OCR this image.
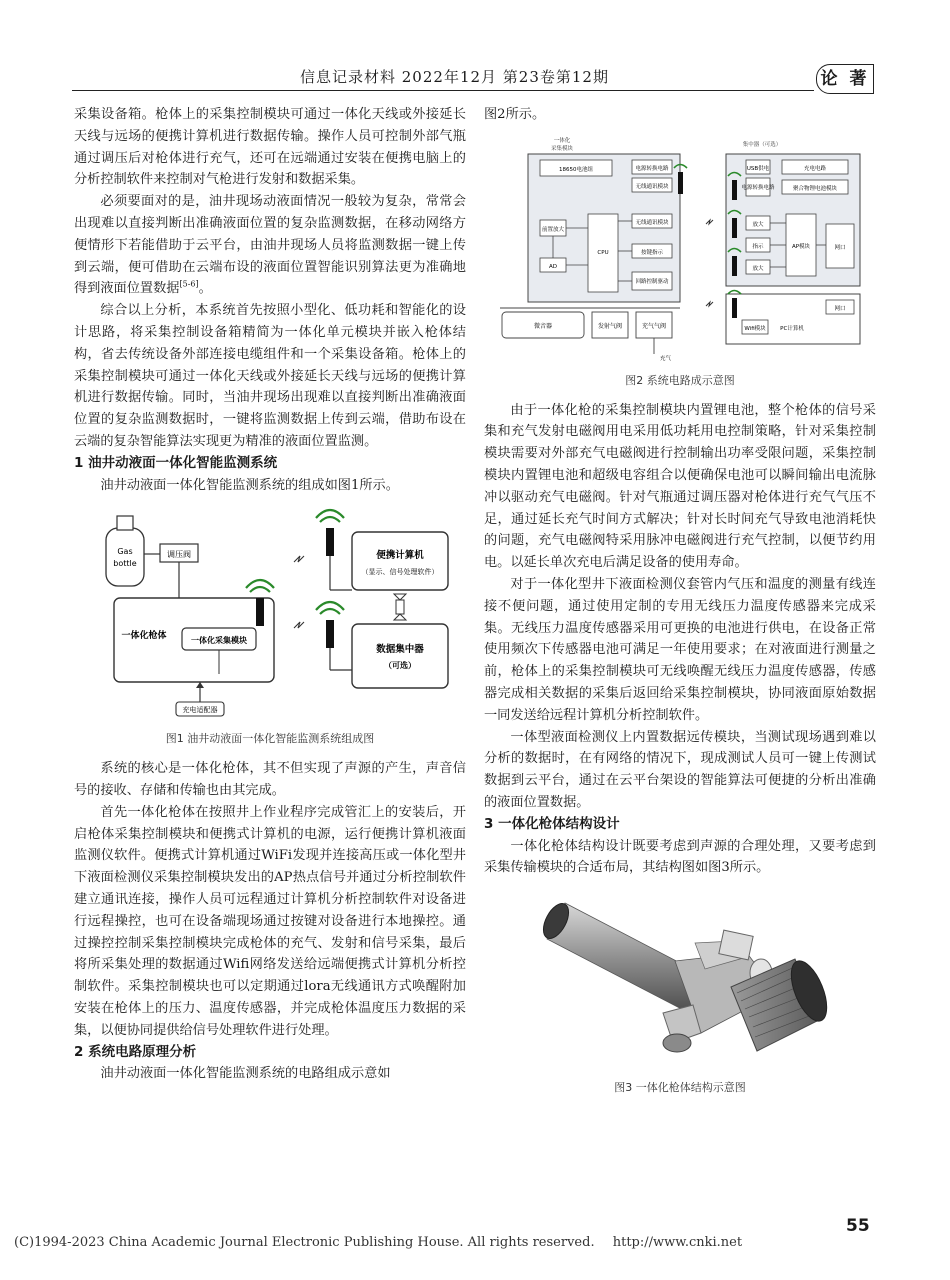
信息记录材料 2022年12月 第23卷第12期	论 著

采集设备箱。枪体上的采集控制模块可通过一体化天线或外接延长天线与远场的便携计算机进行数据传输。操作人员可控制外部气瓶通过调压后对枪体进行充气，还可在远端通过安装在便携电脑上的分析控制软件来控制对气枪进行发射和数据采集。

必须要面对的是，油井现场动液面情况一般较为复杂，常常会出现难以直接判断出准确液面位置的复杂监测数据，在移动网络方便情形下若能借助于云平台，由油井现场人员将监测数据一键上传到云端，便可借助在云端布设的液面位置智能识别算法更为准确地得到液面位置数据[5-6]。

综合以上分析，本系统首先按照小型化、低功耗和智能化的设计思路，将采集控制设备箱精简为一体化单元模块并嵌入枪体结构，省去传统设备外部连接电缆组件和一个采集设备箱。枪体上的采集控制模块可通过一体化天线或外接延长天线与远场的便携计算机进行数据传输。同时，当油井现场出现难以直接判断出准确液面位置的复杂监测数据时，一键将监测数据上传到云端，借助布设在云端的复杂智能算法实现更为精准的液面位置监测。

1 油井动液面一体化智能监测系统

油井动液面一体化智能监测系统的组成如图1所示。

Gas
bottle
调压阀
一体化枪体	一体化采集模块
充电适配器
便携计算机
（显示、信号处理软件）
数据集中器
（可选）
图1 油井动液面一体化智能监测系统组成图

系统的核心是一体化枪体，其不但实现了声源的产生，声音信号的接收、存储和传输也由其完成。

首先一体化枪体在按照井上作业程序完成管汇上的安装后，开启枪体采集控制模块和便携式计算机的电源，运行便携计算机液面监测仪软件。便携式计算机通过WiFi发现并连接高压或一体化型井下液面检测仪采集控制模块发出的AP热点信号并通过分析控制软件建立通讯连接，操作人员可远程通过计算机分析控制软件对设备进行远程操控，也可在设备端现场通过按键对设备进行本地操控。通过操控控制采集控制模块完成枪体的充气、发射和信号采集，最后将所采集处理的数据通过Wifi网络发送给远端便携式计算机分析控制软件。采集控制模块也可以定期通过lora无线通讯方式唤醒附加安装在枪体上的压力、温度传感器，并完成枪体温度压力数据的采集，以便协同提供给信号处理软件进行处理。

2 系统电路原理分析

油井动液面一体化智能监测系统的电路组成示意如

图2所示。

一体化
采集模块
集中器（可选）
18650电池组	电源转换电路
无线通讯模块
前置放大
CPU
无线通讯模块
AD
按键指示
回路控制驱动
微音器	发射气阀	充气气阀
充气
USB供电	充电电路
电源转换电路	聚合物锂电池模块
放大
指示
放大
AP模块	网口
Wifi模块	PC计算机
网口
图2 系统电路成示意图

由于一体化枪的采集控制模块内置锂电池，整个枪体的信号采集和充气发射电磁阀用电采用低功耗用电控制策略，针对采集控制模块需要对外部充气电磁阀进行控制输出功率受限问题，采集控制模块内置锂电池和超级电容组合以便确保电池可以瞬间输出电流脉冲以驱动充气电磁阀。针对气瓶通过调压器对枪体进行充气气压不足，通过延长充气时间方式解决；针对长时间充气导致电池消耗快的问题，充气电磁阀特采用脉冲电磁阀进行充气控制，以便节约用电。以延长单次充电后满足设备的使用寿命。

对于一体化型井下液面检测仪套管内气压和温度的测量有线连接不便问题，通过使用定制的专用无线压力温度传感器来完成采集。无线压力温度传感器采用可更换的电池进行供电，在设备正常使用频次下传感器电池可满足一年使用要求；在对液面进行测量之前，枪体上的采集控制模块可无线唤醒无线压力温度传感器，传感器完成相关数据的采集后返回给采集控制模块，协同液面原始数据一同发送给远程计算机分析控制软件。

一体型液面检测仪上内置数据远传模块，当测试现场遇到难以分析的数据时，在有网络的情况下，现成测试人员可一键上传测试数据到云平台，通过在云平台架设的智能算法可便捷的分析出准确的液面位置数据。

3 一体化枪体结构设计

一体化枪体结构设计既要考虑到声源的合理处理，又要考虑到采集传输模块的合适布局，其结构图如图3所示。

图3 一体化枪体结构示意图
55
(C)1994-2023 China Academic Journal Electronic Publishing House. All rights reserved. http://www.cnki.net
